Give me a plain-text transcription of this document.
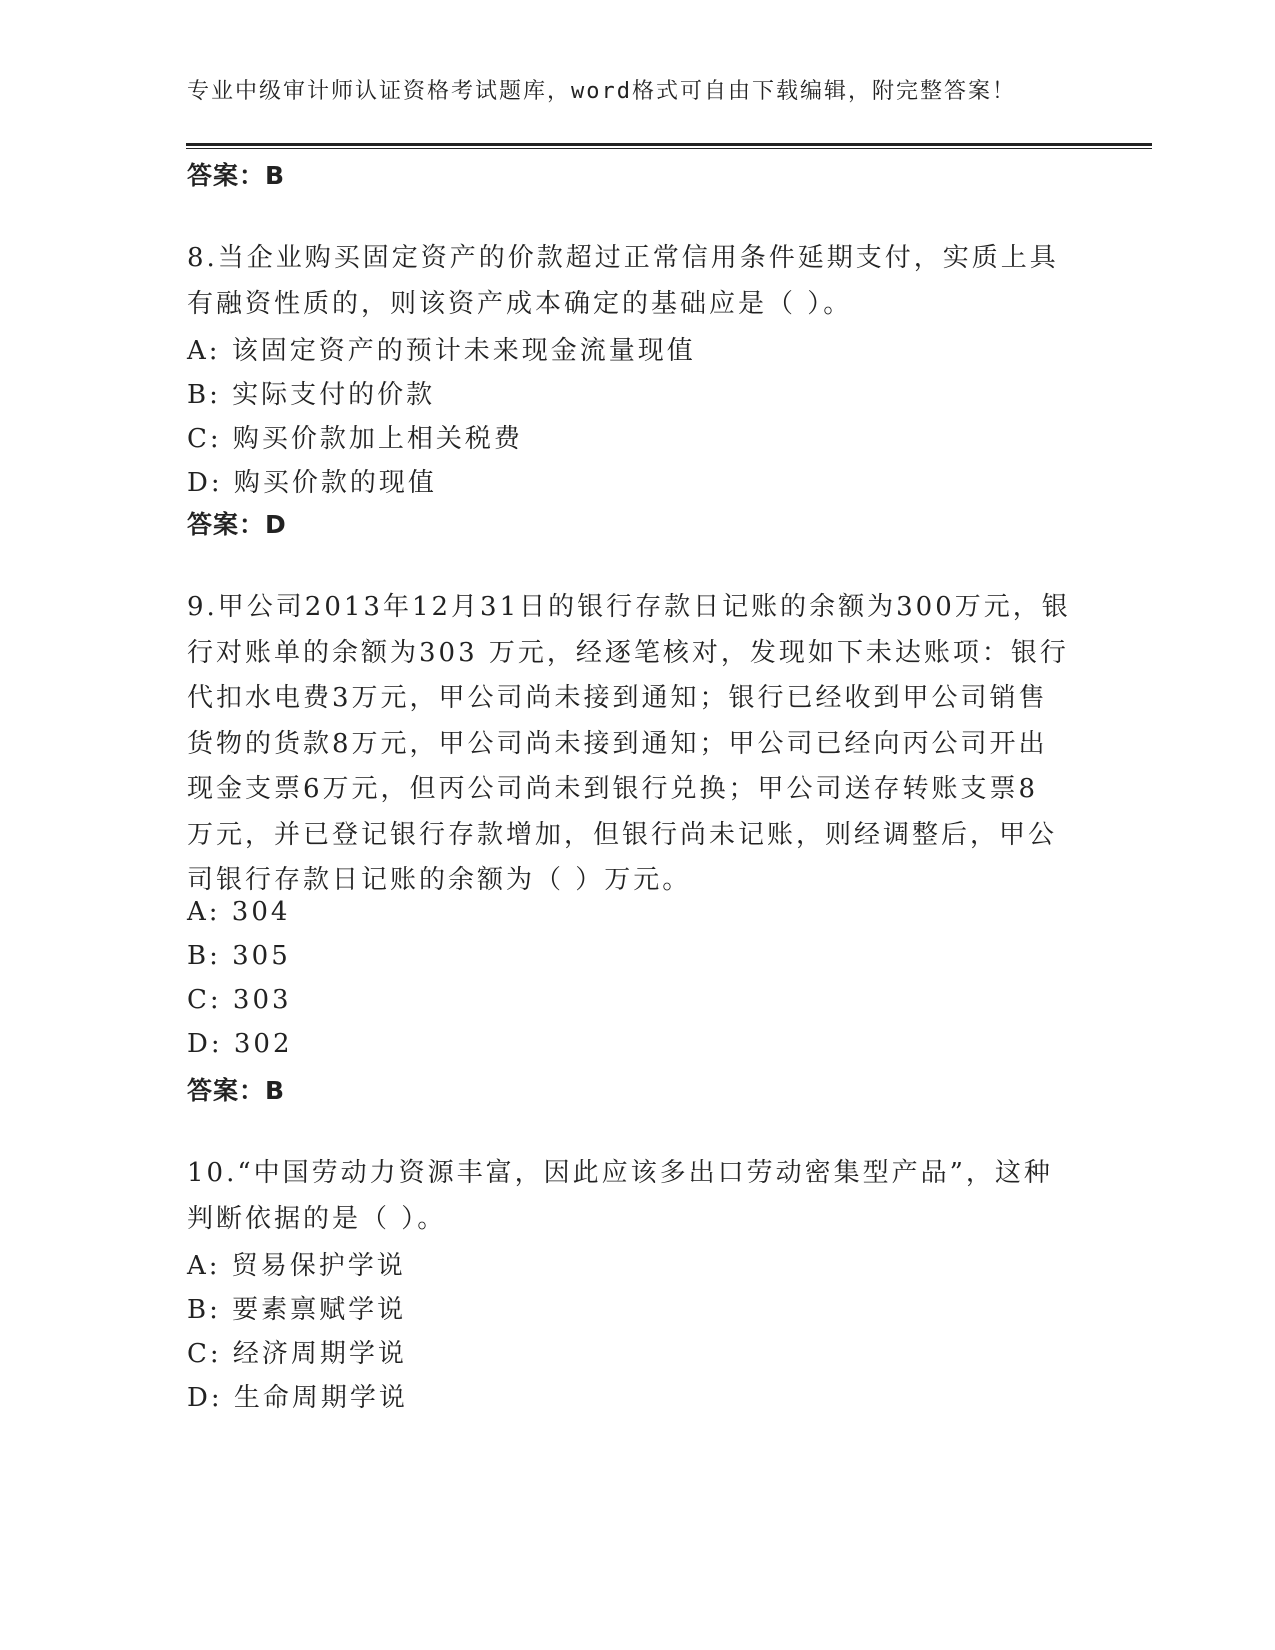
专业中级审计师认证资格考试题库，word格式可自由下载编辑，附完整答案！
答案：B
8.当企业购买固定资产的价款超过正常信用条件延期支付，实质上具
有融资性质的，则该资产成本确定的基础应是（ ）。
A: 该固定资产的预计未来现金流量现值
B: 实际支付的价款
C: 购买价款加上相关税费
D: 购买价款的现值
答案：D
9.甲公司2013年12月31日的银行存款日记账的余额为300万元，银
行对账单的余额为303 万元，经逐笔核对，发现如下未达账项：银行
代扣水电费3万元，甲公司尚未接到通知；银行已经收到甲公司销售
货物的货款8万元，甲公司尚未接到通知；甲公司已经向丙公司开出
现金支票6万元，但丙公司尚未到银行兑换；甲公司送存转账支票8
万元，并已登记银行存款增加，但银行尚未记账，则经调整后，甲公
司银行存款日记账的余额为（ ）万元。
A: 304
B: 305
C: 303
D: 302
答案：B
10.“中国劳动力资源丰富，因此应该多出口劳动密集型产品”，这种
判断依据的是（ ）。
A: 贸易保护学说
B: 要素禀赋学说
C: 经济周期学说
D: 生命周期学说
